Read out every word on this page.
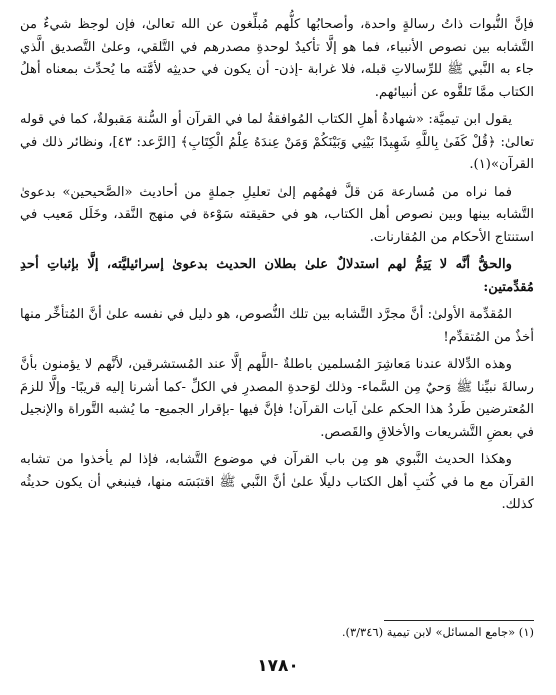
فإنَّ النُّبوات ذاتُ رسالةٍ واحدة، وأصحابُها كلُّهم مُبلِّغون عن الله تعالىٰ، فإن لوجظ شيءٌ من التَّشابه بين نصوص الأنبياء، فما هو إلَّا تأكيدٌ لوحدةِ مصدرهم في التَّلقي، وعلىٰ التَّصديق الَّذي جاء به النَّبي ﷺ للرِّسالاتِ قبله، فلا غرابة -إذن- أن يكون في حديثِه لأمَّته ما يُحدِّث بمعناه أهلُ الكتاب ممَّا تَلقَّوه عن أنبيائهم.

يقول ابن تيميَّة: «شهادةُ أهلِ الكتاب المُوافقةُ لما في القرآن أو السُّنة مَقبولةٌ، كما في قوله تعالىٰ: ﴿قُلْ كَفَىٰ بِاللَّهِ شَهِيدًا بَيْنِي وَبَيْنَكُمْ وَمَنْ عِندَهُ عِلْمُ الْكِتَابِ﴾ [الرَّعد: ٤٣]، ونظائر ذلك في القرآن»(١).

فما نراه من مُسارعة مَن قلَّ فهمُهم إلىٰ تعليلِ جملةٍ من أحاديث «الصَّحيحين» بدعوىٰ التَّشابه بينها وبين نصوص أهل الكتاب، هو في حقيقته سَوْءة في منهج النَّقد، وخَلَل مَعيب في استنتاج الأحكام من المُقارنات.

والحقُّ أنَّه لا يَتِمُّ لهم استدلالٌ علىٰ بطلان الحديث بدعوىٰ إسرائيليَّته، إلَّا بإثباتِ أحدِ مُقدِّمتين:

المُقدِّمة الأولىٰ: أنَّ مجرَّد التَّشابه بين تلك النُّصوص، هو دليل في نفسه علىٰ أنَّ المُتأخِّر منها أخذٌ من المُتقدِّم!

وهذه الدِّلالة عندنا مَعاشِرَ المُسلمين باطلةٌ -اللَّهم إلَّا عند المُستشرقين، لأنَّهم لا يؤمنون بأنَّ رسالةَ نبيِّنا ﷺ وَحيٌ مِن السَّماء- وذلك لوَحدةِ المصدرِ في الكلِّ -كما أشرنا إليه قريبًا- وإلَّا للزمَ المُعترضين طَردُ هذا الحكم علىٰ آيات القرآن! فإنَّ فيها -بإقرار الجميع- ما يُشبه التَّوراة والإنجيل في بعضِ التَّشريعات والأخلاقِ والقَصص.

وهكذا الحديث النَّبوي هو مِن باب القرآن في موضوع التَّشابه، فإذا لم يأخذوا من تشابه القرآن مع ما في كُتبِ أهل الكتاب دليلًا علىٰ أنَّ النَّبي ﷺ اقتبَسَه منها، فينبغي أن يكون حديثُه كذلك.

(١) «جامع المسائل» لابن تيمية (٣/٣٤٦).
١٧٨٠
